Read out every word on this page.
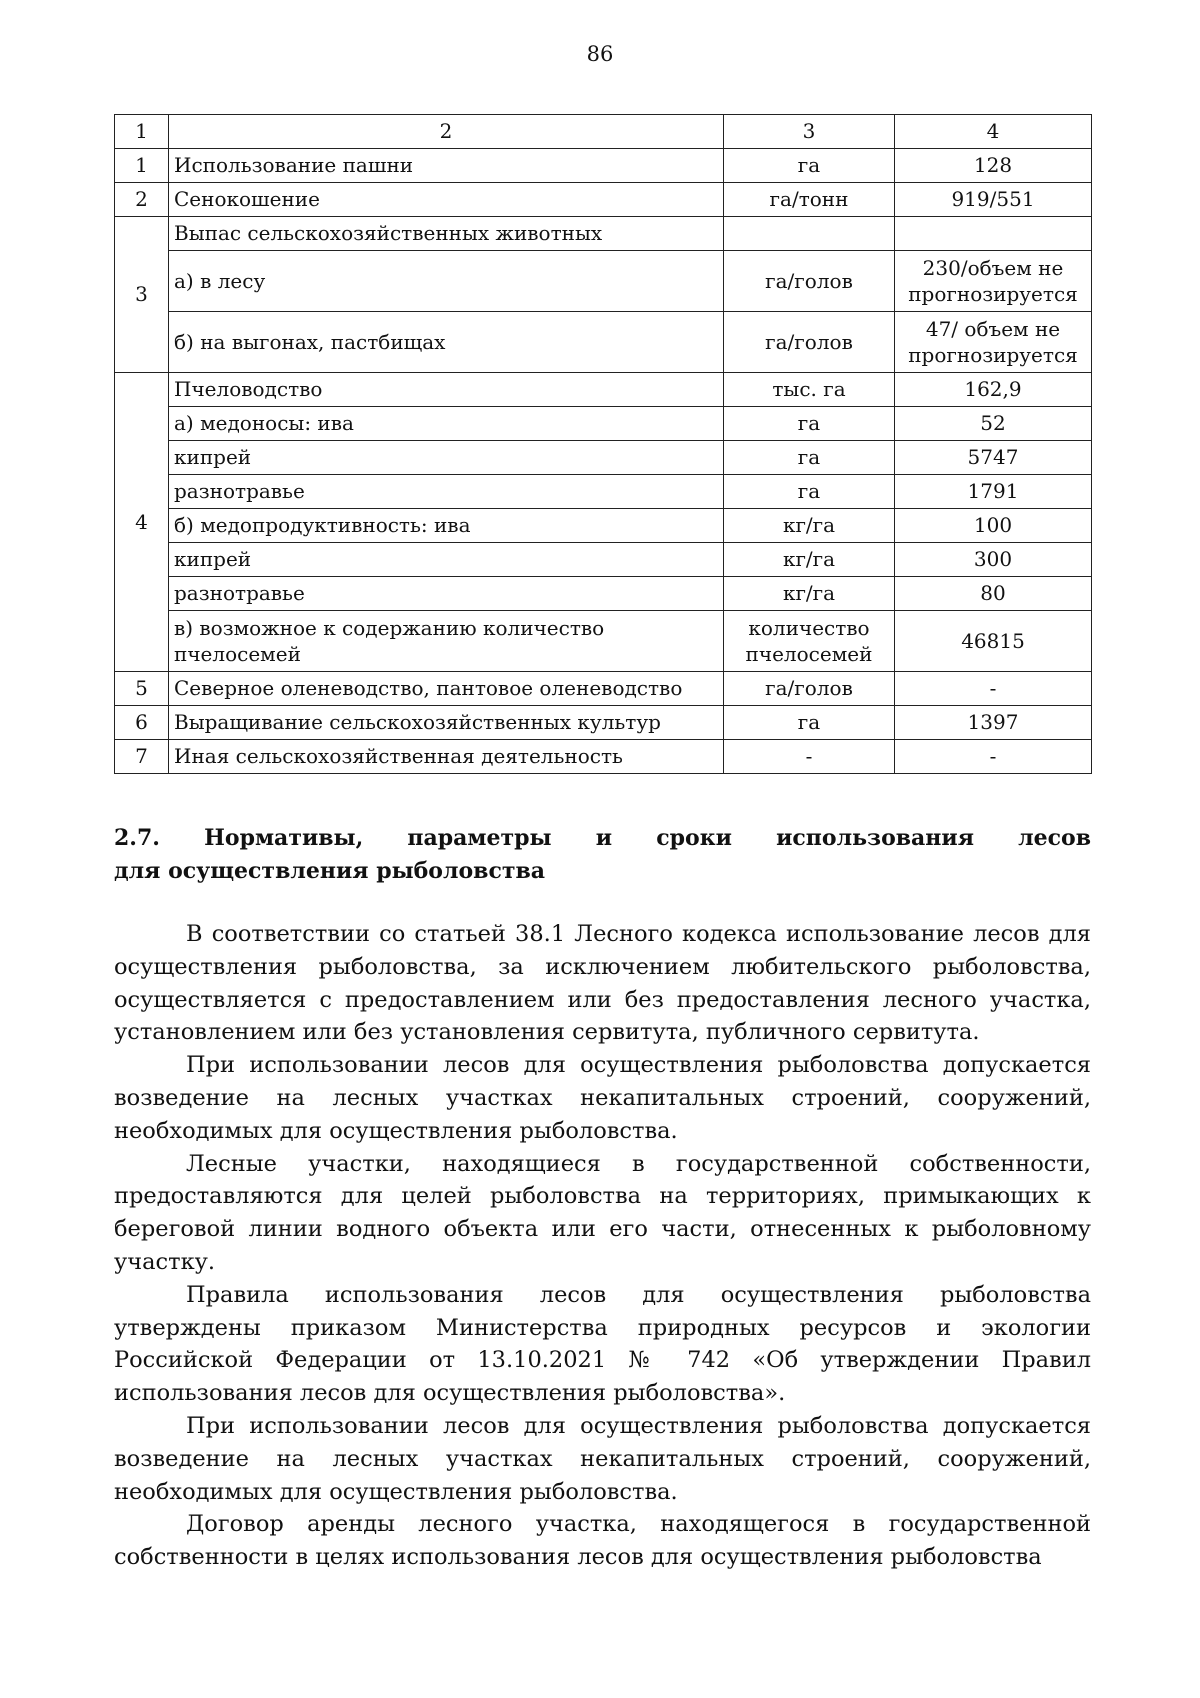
86
1	2	3	4
1	Использование пашни	га	128
2	Сенокошение	га/тонн	919/551
3	Выпас сельскохозяйственных животных		
	а) в лесу	га/голов	230/объем не прогнозируется
	б) на выгонах, пастбищах	га/голов	47/ объем не прогнозируется
4	Пчеловодство	тыс. га	162,9
	а) медоносы: ива	га	52
	кипрей	га	5747
	разнотравье	га	1791
	б) медопродуктивность: ива	кг/га	100
	кипрей	кг/га	300
	разнотравье	кг/га	80
	в) возможное к содержанию количество пчелосемей	количество пчелосемей	46815
5	Северное оленеводство, пантовое оленеводство	га/голов	-
6	Выращивание сельскохозяйственных культур	га	1397
7	Иная сельскохозяйственная деятельность	-	-
2.7. Нормативы, параметры и сроки использования лесов
для осуществления рыболовства

В соответствии со статьей 38.1 Лесного кодекса использование лесов для осуществления рыболовства, за исключением любительского рыболовства, осуществляется с предоставлением или без предоставления лесного участка, установлением или без установления сервитута, публичного сервитута.

При использовании лесов для осуществления рыболовства допускается возведение на лесных участках некапитальных строений, сооружений, необходимых для осуществления рыболовства.

Лесные участки, находящиеся в государственной собственности, предоставляются для целей рыболовства на территориях, примыкающих к береговой линии водного объекта или его части, отнесенных к рыболовному участку.

Правила использования лесов для осуществления рыболовства утверждены приказом Министерства природных ресурсов и экологии Российской Федерации от 13.10.2021 № 742 «Об утверждении Правил использования лесов для осуществления рыболовства».

При использовании лесов для осуществления рыболовства допускается возведение на лесных участках некапитальных строений, сооружений, необходимых для осуществления рыболовства.

Договор аренды лесного участка, находящегося в государственной собственности в целях использования лесов для осуществления рыболовства
